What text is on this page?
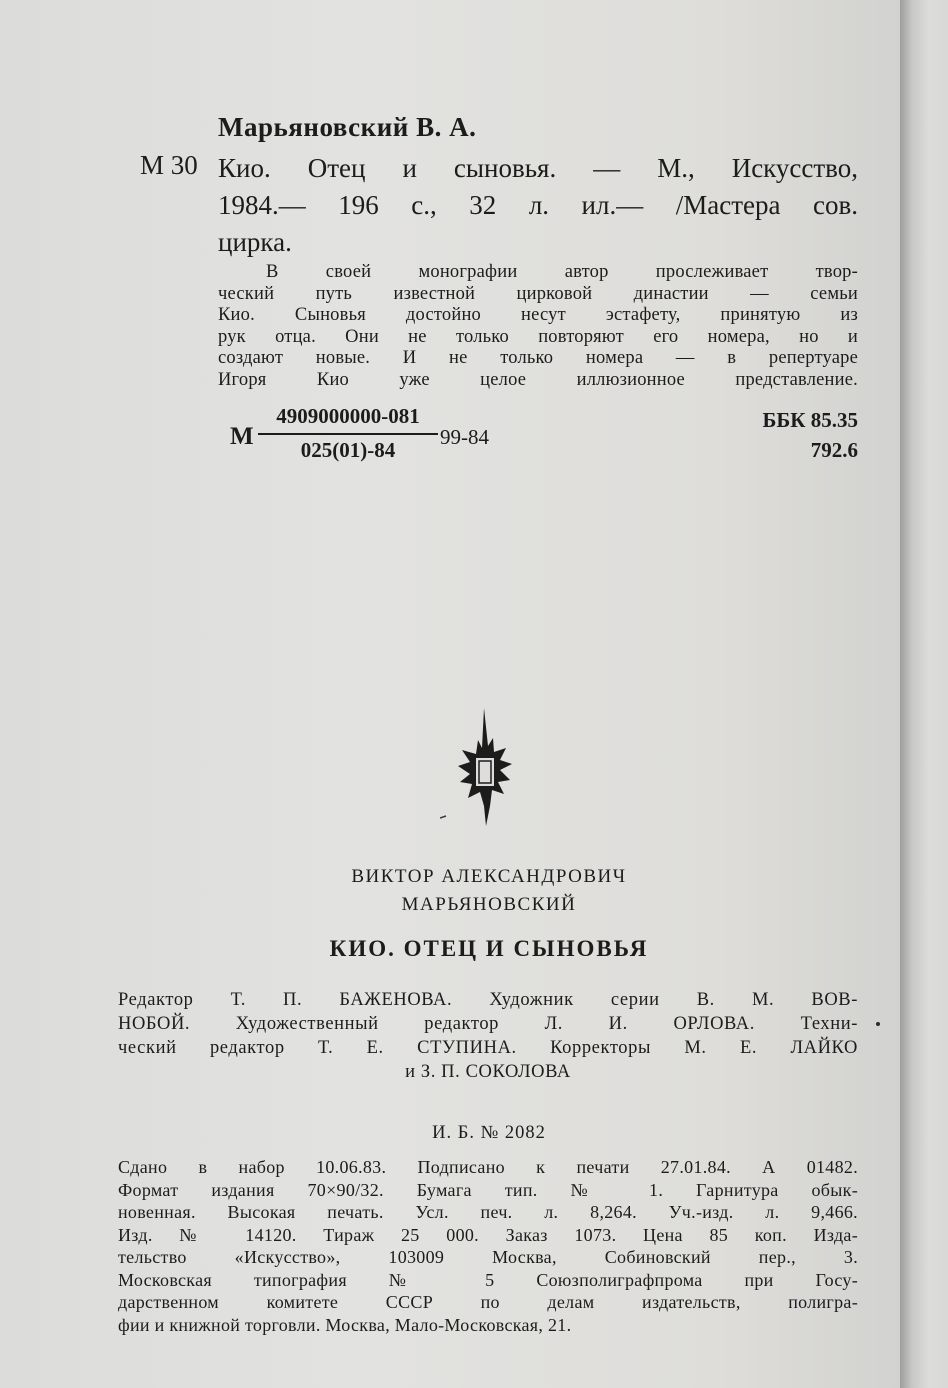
Марьяновский В. А.
М 30 Кио. Отец и сыновья. — М., Искусство,
1984.— 196 с., 32 л. ил.— /Мастера сов.
цирка.
В своей монографии автор прослеживает твор-
ческий путь известной цирковой династии — семьи
Кио. Сыновья достойно несут эстафету, принятую из
рук отца. Они не только повторяют его номера, но и
создают новые. И не только номера — в репертуаре
Игоря Кио уже целое иллюзионное представление.
М
4909000000-081
025(01)-84
99-84
ББК 85.35
792.6
ВИКТОР АЛЕКСАНДРОВИЧ
МАРЬЯНОВСКИЙ
КИО. ОТЕЦ И СЫНОВЬЯ
Редактор Т. П. БАЖЕНОВА. Художник серии В. М. ВОВ-
НОБОЙ. Художественный редактор Л. И. ОРЛОВА. Техни-
ческий редактор Т. Е. СТУПИНА. Корректоры М. Е. ЛАЙКО
и З. П. СОКОЛОВА
И. Б. № 2082
Сдано в набор 10.06.83. Подписано к печати 27.01.84. А 01482.
Формат издания 70×90/32. Бумага тип. № 1. Гарнитура обык-
новенная. Высокая печать. Усл. печ. л. 8,264. Уч.-изд. л. 9,466.
Изд. № 14120. Тираж 25 000. Заказ 1073. Цена 85 коп. Изда-
тельство «Искусство», 103009 Москва, Собиновский пер., 3.
Московская типография № 5 Союзполиграфпрома при Госу-
дарственном комитете СССР по делам издательств, полигра-
фии и книжной торговли. Москва, Мало-Московская, 21.
